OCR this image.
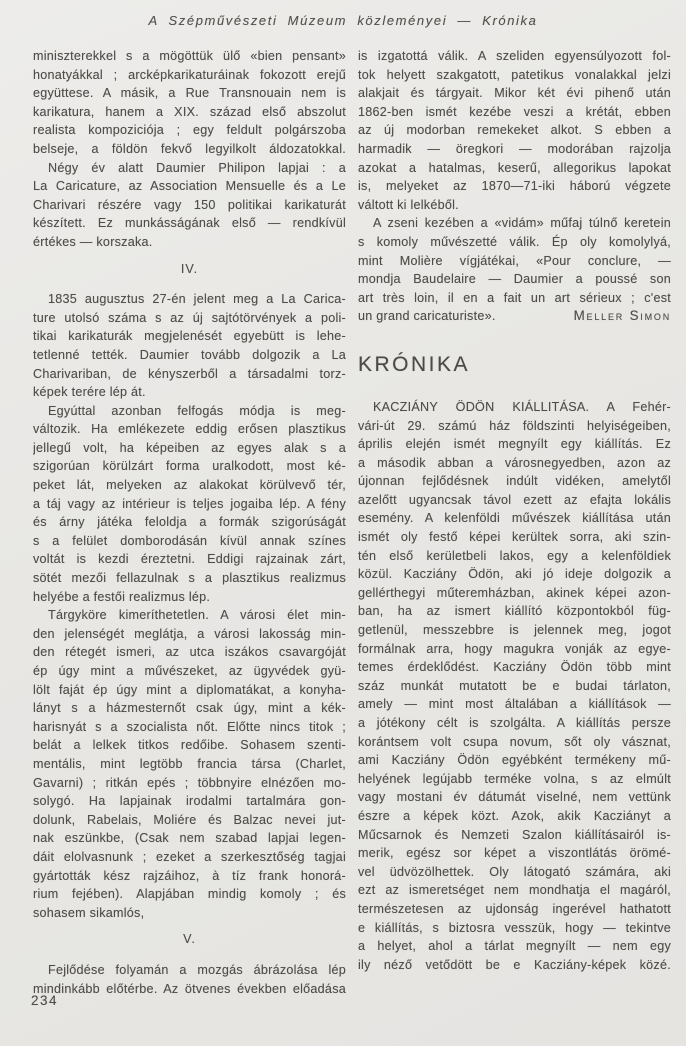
A Szépművészeti Múzeum közleményei — Krónika
miniszterekkel s a mögöttük ülő «bien pensant»
honatyákkal ; arcképkarikaturáinak fokozott erejű
együttese. A másik, a Rue Transnouain nem is
karikatura, hanem a XIX. század első abszolut
realista kompoziciója ; egy feldult polgárszoba
belseje, a földön fekvő legyilkolt áldozatokkal.
Négy év alatt Daumier Philipon lapjai : a
La Caricature, az Association Mensuelle és a Le
Charivari részére vagy 150 politikai karikaturát
készített. Ez munkásságának első — rendkívül
értékes — korszaka.
IV.
1835 augusztus 27-én jelent meg a La Carica-
ture utolsó száma s az új sajtótörvények a poli-
tikai karikaturák megjelenését egyebütt is lehe-
tetlenné tették. Daumier tovább dolgozik a La
Charivariban, de kényszerből a társadalmi torz-
képek terére lép át.
Egyúttal azonban felfogás módja is meg-
változik. Ha emlékezete eddig erősen plasztikus
jellegű volt, ha képeiben az egyes alak s a
szigorúan körülzárt forma uralkodott, most ké-
peket lát, melyeken az alakokat körülvevő tér,
a táj vagy az intérieur is teljes jogaiba lép. A fény
és árny játéka feloldja a formák szigorúságát
s a felület domborodásán kívül annak színes
voltát is kezdi éreztetni. Eddigi rajzainak zárt,
sötét mezői fellazulnak s a plasztikus realizmus
helyébe a festői realizmus lép.
Tárgyköre kimeríthetetlen. A városi élet min-
den jelenségét meglátja, a városi lakosság min-
den rétegét ismeri, az utca iszákos csavargóját
ép úgy mint a művészeket, az ügyvédek gyü-
lölt faját ép úgy mint a diplomatákat, a konyha-
lányt s a házmesternőt csak úgy, mint a kék-
harisnyát s a szocialista nőt. Előtte nincs titok ;
belát a lelkek titkos redőibe. Sohasem szenti-
mentális, mint legtöbb francia társa (Charlet,
Gavarni) ; ritkán epés ; többnyire elnézően mo-
solygó. Ha lapjainak irodalmi tartalmára gon-
dolunk, Rabelais, Moliére és Balzac nevei jut-
nak eszünkbe, (Csak nem szabad lapjai legen-
dáit elolvasnunk ; ezeket a szerkesztőség tagjai
gyártották kész rajzáihoz, à tíz frank honorá-
rium fejében). Alapjában mindig komoly ; és
sohasem sikamlós,
V.
Fejlődése folyamán a mozgás ábrázolása lép
mindinkább előtérbe. Az ötvenes években előadása
is izgatottá válik. A szeliden egyensúlyozott fol-
tok helyett szakgatott, patetikus vonalakkal jelzi
alakjait és tárgyait. Mikor két évi pihenő után
1862-ben ismét kezébe veszi a krétát, ebben
az új modorban remekeket alkot. S ebben a
harmadik — öregkori — modorában rajzolja
azokat a hatalmas, keserű, allegorikus lapokat
is, melyeket az 1870—71-iki háború végzete
váltott ki lelkéből.
A zseni kezében a «vidám» műfaj túlnő keretein
s komoly művészetté válik. Ép oly komolylyá,
mint Molière vígjátékai, «Pour conclure, —
mondja Baudelaire — Daumier a poussé son
art très loin, il en a fait un art sérieux ; c'est
un grand caricaturiste».	Meller Simon
KRÓNIKA
KACZIÁNY ÖDÖN KIÁLLITÁSA. A Fehér-
vári-út 29. számú ház földszinti helyiségeiben,
április elején ismét megnyílt egy kiállítás. Ez
a második abban a városnegyedben, azon az
újonnan fejlődésnek indúlt vidéken, amelytől
azelőtt ugyancsak távol ezett az efajta lokális
esemény. A kelenföldi művészek kiállítása után
ismét oly festő képei kerültek sorra, aki szin-
tén első kerületbeli lakos, egy a kelenföldiek
közül. Kacziány Ödön, aki jó ideje dolgozik a
gellérthegyi műteremházban, akinek képei azon-
ban, ha az ismert kiállító központokból füg-
getlenül, messzebbre is jelennek meg, jogot
formálnak arra, hogy magukra vonják az egye-
temes érdeklődést. Kacziány Ödön több mint
száz munkát mutatott be e budai tárlaton,
amely — mint most általában a kiállítások —
a jótékony célt is szolgálta. A kiállítás persze
korántsem volt csupa novum, sőt oly vásznat,
ami Kacziány Ödön egyébként termékeny mű-
helyének legújabb terméke volna, s az elmúlt
vagy mostani év dátumát viselné, nem vettünk
észre a képek közt. Azok, akik Kacziányt a
Műcsarnok és Nemzeti Szalon kiállításairól is-
merik, egész sor képet a viszontlátás örömé-
vel üdvözölhettek. Oly látogató számára, aki
ezt az ismeretséget nem mondhatja el magáról,
természetesen az ujdonság ingerével hathatott
e kiállítás, s biztosra vesszük, hogy — tekintve
a helyet, ahol a tárlat megnyílt — nem egy
ily néző vetődött be e Kacziány-képek közé.
234
